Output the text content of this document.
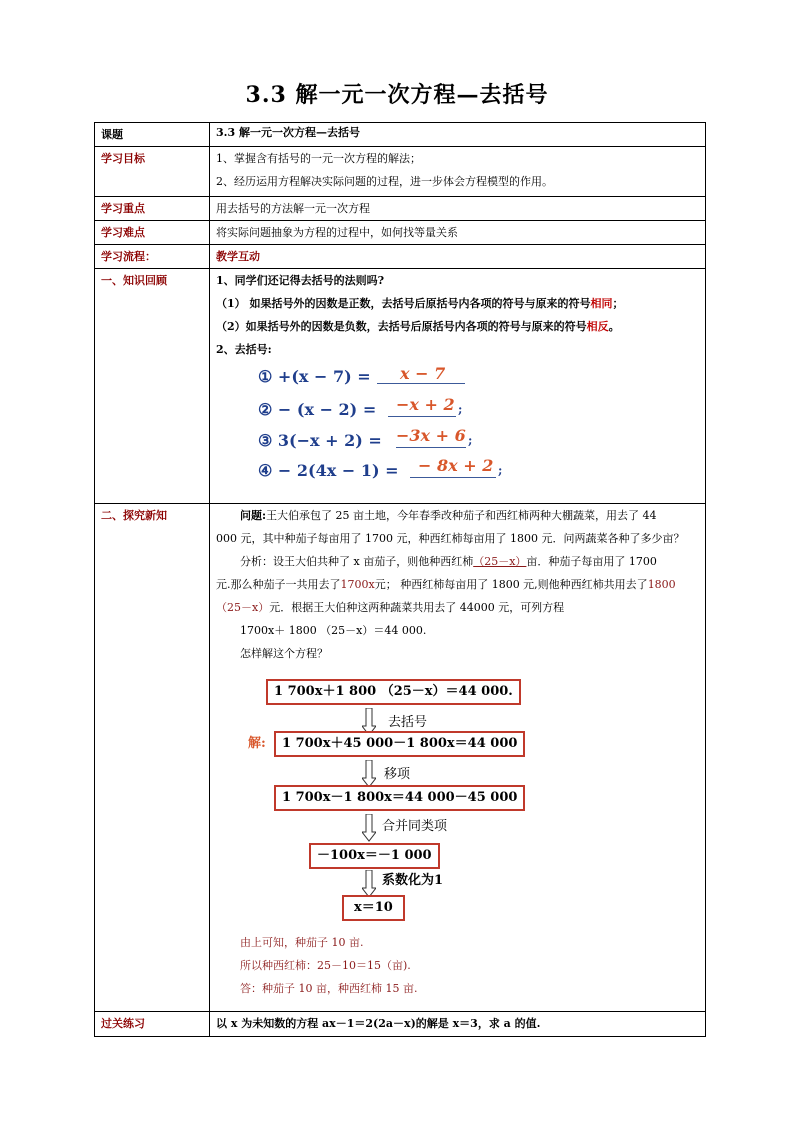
3.3 解一元一次方程—去括号
课题	3.3 解一元一次方程—去括号
学习目标	1、掌握含有括号的一元一次方程的解法；
2、经历运用方程解决实际问题的过程，进一步体会方程模型的作用。

学习重点	用去括号的方法解一元一次方程
学习难点	将实际问题抽象为方程的过程中，如何找等量关系
学习流程：	教学互动
一、知识回顾	1、同学们还记得去括号的法则吗?
（1） 如果括号外的因数是正数，去括号后原括号内各项的符号与原来的符号相同；
（2）如果括号外的因数是负数，去括号后原括号内各项的符号与原来的符号相反。
2、去括号:
① +(x − 7) = x − 7
② − (x − 2) = −x + 2 ;
③ 3(−x + 2) = −3x + 6 ;
④ − 2(4x − 1) = − 8x + 2 ;

二、探究新知	问题:王大伯承包了 25 亩土地，今年春季改种茄子和西红柿两种大棚蔬菜，用去了 44
000 元，其中种茄子每亩用了 1700 元，种西红柿每亩用了 1800 元．问两蔬菜各种了多少亩？
分析：设王大伯共种了 x 亩茄子，则他种西红柿（25－x）亩．种茄子每亩用了 1700
元.那么种茄子一共用去了1700x元； 种西红柿每亩用了 1800 元,则他种西红柿共用去了1800
（25－x）元．根据王大伯种这两种蔬菜共用去了 44000 元，可列方程
1700x＋ 1800 （25－x）＝44 000.
怎样解这个方程？
1 700x＋1 800 （25－x）＝44 000.
去括号
解:	1 700x＋45 000－1 800x＝44 000
移项
1 700x－1 800x＝44 000－45 000
合并同类项
－100x＝－1 000
系数化为1
x＝10
由上可知，种茄子 10 亩.
所以种西红柿：25－10＝15（亩).
答：种茄子 10 亩，种西红柿 15 亩.

过关练习	以 x 为未知数的方程 ax－1＝2(2a－x)的解是 x＝3，求 a 的值.
